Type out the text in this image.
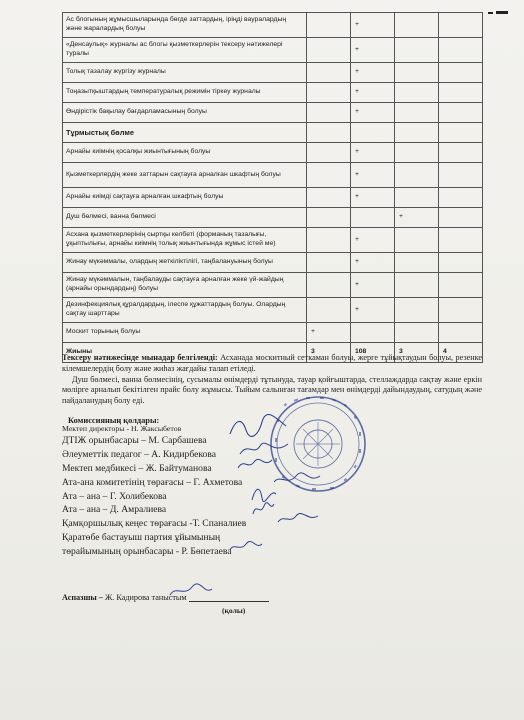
Ас блогының жұмысшыларында бөгде заттардың, іріңді вауралардың жəне жаралардың болуы		+		
«Денсаулық» журналы ас блогы қызметкерлерін тексеру нәтижелері туралы		+		
Толық тазалау жүргізу журналы		+		
Тоңазытқыштардың температуралық режимін тіркеу журналы		+		
Өндірістік бақылау бағдарламасының болуы		+		
Тұрмыстық бөлме				
Арнайы киімнің қосалқы жиынтығының болуы		+		
Қызметкерлердің жеке заттарын сақтауға арналған шкафтың болуы		+		
Арнайы киімді сақтауға арналған шкафтың болуы		+		
Душ бөлмесі, ванна бөлмесі			+	
Асхана қызметкерлерінің сыртқы келбеті (форманың тазалығы, ұқыптылығы, арнайы киімнің толық жиынтығында жұмыс істей ме)		+		
Жинау мүкәммалы, олардың жеткіліктілігі, таңбалануының болуы		+		
Жинау мүкәммалын, таңбалауды сақтауға арналған жеке үй-жайдың (арнайы орындардың) болуы		+		
Дезинфекциялық құралдардың, ілеспе құжаттардың болуы. Олардың сақтау шарттары		+		
Москит торының болуы	+			
Жиыны	3	108	3	4

Тексеру нәтижесінде мынадар белгіленді: Асханада москитный сеткаман болуы, жерге тұйықтаудын болуы, резенке кілемшелердің болу жəне жиһаз жағдайы талап етіледі.

Душ бөлмесі, ванна бөлмесінің, сусымалы өнімдерді тұтынуда, тауар қойғыштарда, стеллаждарда сақтау жəне еркін мөлірге арналып бекітілген прайс болу жұмысы. Тыйым салынған тағамдар мен өнімдерді дайындаудың, сатудың жəне пайдаланудың болу еді.

Комиссияның қолдары:
Мектеп директоры - Н. Жаксыбетов
ДТІЖ орынбасары – М. Сарбашева
Әлеуметтік педагог – А. Кидирбекова
Мектеп медбикесі – Ж. Байтуманова
Ата-ана комитетінің төрағасы – Г. Ахметова
Ата – ана – Г. Холибекова
Ата – ана – Д. Амралиева
Қамқоршылық кеңес төрағасы -Т. Спаналиев
Қаратөбе бастауыш партия ұйымының
төрайымының орынбасары - Р. Бөпетаева
Аспазшы – Ж. Кадирова таныстым
(қолы)
